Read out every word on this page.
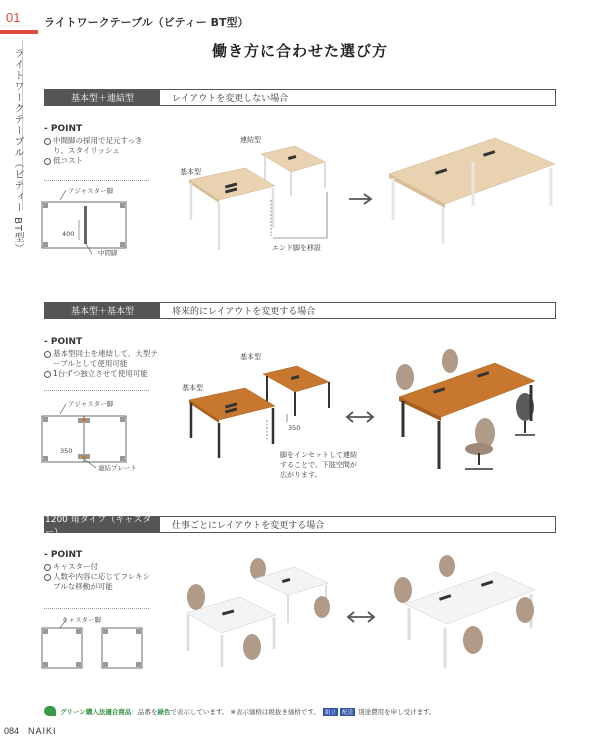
01 ライトワークテーブル（ビティー BT型）
ライトワークテーブル（ビティー BT型）	働き方に合わせた選び方
基本型＋連結型	レイアウトを変更しない場合
- POINT
中間脚の採用で足元すっきり、スタイリッシュ
低コスト
アジャスター脚
400
中間脚
連結型
基本型
エンド脚を移設
基本型＋基本型	将来的にレイアウトを変更する場合
- POINT
基本型同士を連結して、大型テーブルとして使用可能
1台ずつ独立させて使用可能
アジャスター脚
350
連結プレート
基本型
基本型
350
脚をインセットして連結することで、下肢空間が広がります。
1200 角タイプ（キャスター）
仕事ごとにレイアウトを変更する場合
- POINT
キャスター付
人数や内容に応じてフレキシブルな移動が可能
キャスター脚
グリーン購入法適合商品：品番を緑色で表示しています。 ※表示価格は税抜き価格です。 組立 配送 別途費用を申し受けます。
084 NAIKI
